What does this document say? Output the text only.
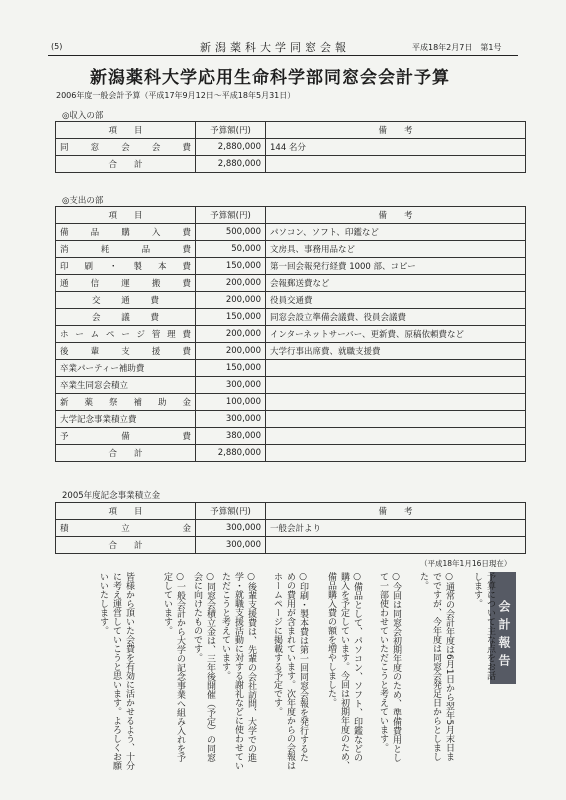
(5)	新潟薬科大学同窓会報	平成18年2月7日　第1号
新潟薬科大学応用生命科学部同窓会会計予算
2006年度一般会計予算（平成17年9月12日～平成18年5月31日）
◎収入の部
項　　目	予算額(円)	備　　考
同窓会会費	2,880,000	144 名分
合　　計	2,880,000	
◎支出の部
項　　目	予算額(円)	備　　考
備品購入費	500,000	パソコン、ソフト、印鑑など
消耗品費	50,000	文房具、事務用品など
印刷・製本費	150,000	第一回会報発行経費 1000 部、コピー
通信運搬費	200,000	会報郵送費など
交通費	200,000	役員交通費
会議費	150,000	同窓会設立準備会議費、役員会議費
ホームページ管理費	200,000	インターネットサーバー、更新費、原稿依頼費など
後輩支援費	200,000	大学行事出席費、就職支援費
卒業パーティー補助費	150,000	
卒業生同窓会積立	300,000	
新薬祭補助金	100,000	
大学記念事業積立費	300,000	
予備費	380,000	
合　　計	2,880,000	
2005年度記念事業積立金
項　　目	予算額(円)	備　　考
積立金	300,000	一般会計より
合　　計	300,000	
（平成18年1月16日現在）
会計報告
予算について主な点をお話します。
○通常の会計年度は6月1日から翌年5月末日までですが、今年度は同窓会発足日からとしました。
○今回は同窓会初期年度のため、準備費用として一部使わせていただこうと考えています。
○備品として、パソコン、ソフト、印鑑などの購入を予定しています。今回は初期年度のため、備品購入費の額を増やしました。
○印刷・製本費は第一回同窓会報を発行するための費用が含まれています。次年度からの会報はホームページに掲載する予定です。
○後輩支援費は、先輩の会社訪問、大学での進学・就職支援活動に対する謝礼などに使わせていただこうと考えています。
○同窓会積立金は、三年後開催（予定）の同窓会に向けたものです。
○一般会計から大学の記念事業へ組み入れを予定しています。
皆様から頂いた会費を有効に活かせるよう、十分に考え運営していこうと思います。よろしくお願いいたします。
